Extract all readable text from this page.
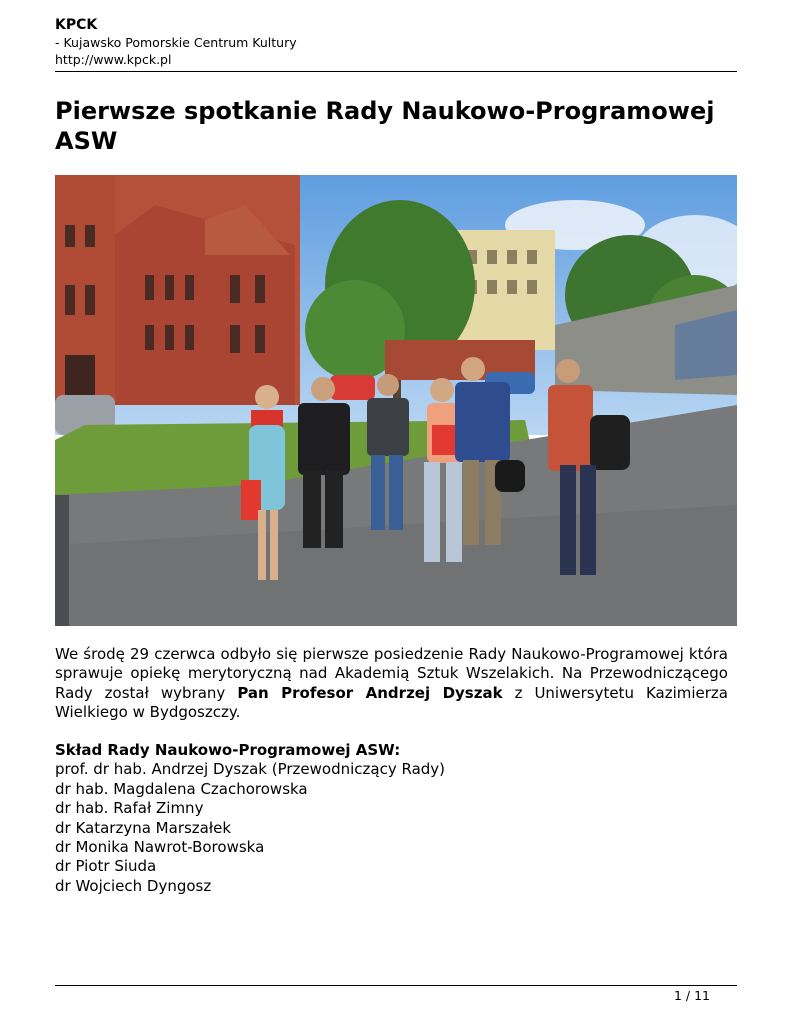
KPCK
- Kujawsko Pomorskie Centrum Kultury
http://www.kpck.pl
Pierwsze spotkanie Rady Naukowo-Programowej ASW
We środę 29 czerwca odbyło się pierwsze posiedzenie Rady Naukowo-Programowej która sprawuje opiekę merytoryczną nad Akademią Sztuk Wszelakich. Na Przewodniczącego Rady został wybrany Pan Profesor Andrzej Dyszak z Uniwersytetu Kazimierza Wielkiego w Bydgoszczy.
Skład Rady Naukowo-Programowej ASW:
prof. dr hab. Andrzej Dyszak (Przewodniczący Rady)
dr hab. Magdalena Czachorowska
dr hab. Rafał Zimny
dr Katarzyna Marszałek
dr Monika Nawrot-Borowska
dr Piotr Siuda
dr Wojciech Dyngosz
1 / 11
